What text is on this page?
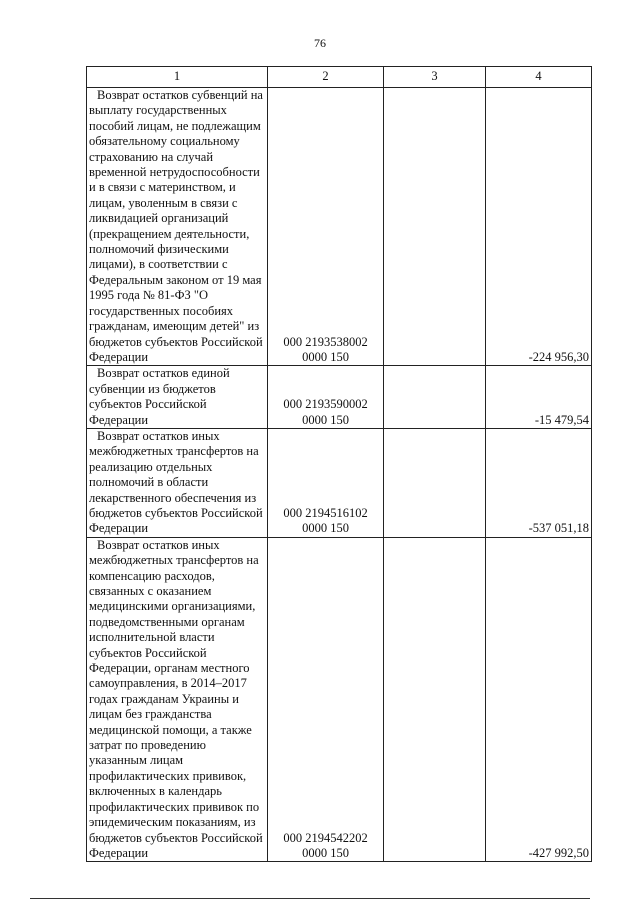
76
1	2	3	4

Возврат остатков субвенций на выплату государственных пособий лицам, не подлежащим обязательному социальному страхованию на случай временной нетрудоспособности и в связи с материнством, и лицам, уволенным в связи с ликвидацией организаций (прекращением деятельности, полномочий физическими лицами), в соответствии с Федеральным законом от 19 мая 1995 года № 81-ФЗ "О государственных пособиях гражданам, имеющим детей" из бюджетов субъектов Российской Федерации	000 2193538002
0000 150		-224 956,30

Возврат остатков единой субвенции из бюджетов субъектов Российской Федерации	000 2193590002
0000 150		-15 479,54

Возврат остатков иных межбюджетных трансфертов на реализацию отдельных полномочий в области лекарственного обеспечения из бюджетов субъектов Российской Федерации	000 2194516102
0000 150		-537 051,18

Возврат остатков иных межбюджетных трансфертов на компенсацию расходов, связанных с оказанием медицинскими организациями, подведомственными органам исполнительной власти субъектов Российской Федерации, органам местного самоуправления, в 2014–2017 годах гражданам Украины и лицам без гражданства медицинской помощи, а также затрат по проведению указанным лицам профилактических прививок, включенных в календарь профилактических прививок по эпидемическим показаниям, из бюджетов субъектов Российской Федерации	000 2194542202
0000 150		-427 992,50
